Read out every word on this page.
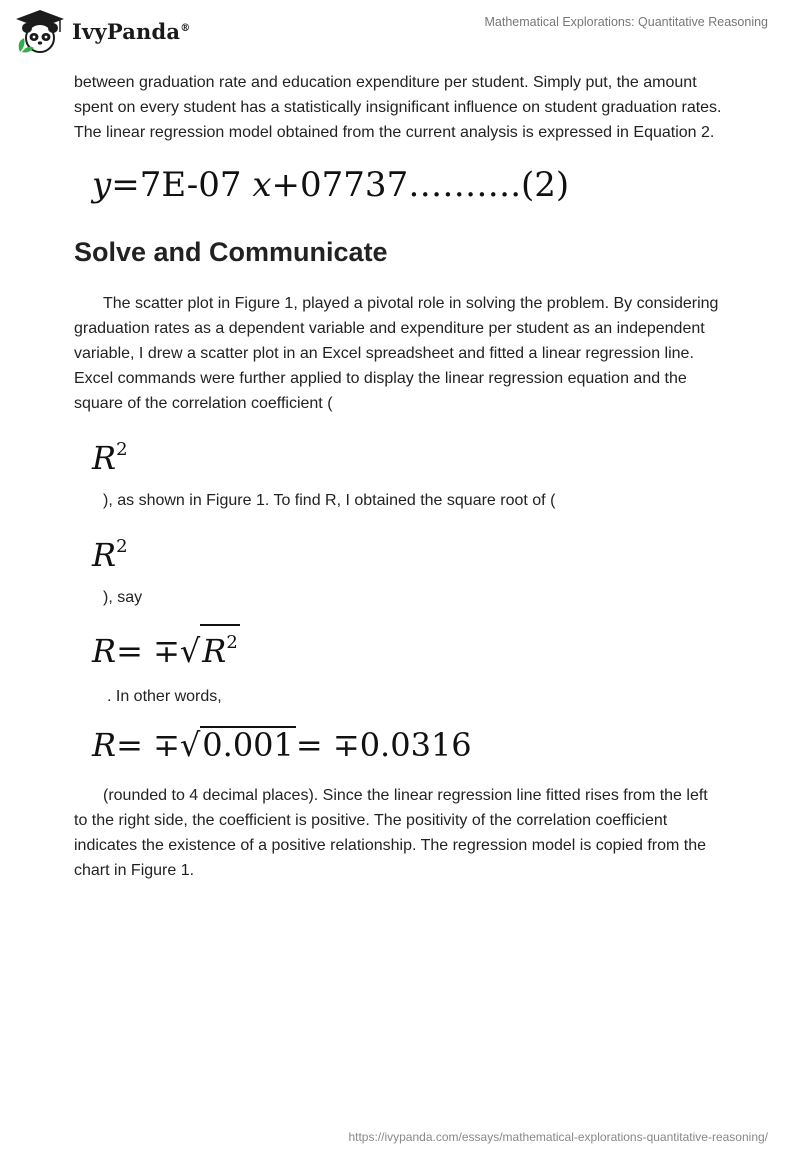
IvyPanda®	Mathematical Explorations: Quantitative Reasoning

between graduation rate and education expenditure per student. Simply put, the amount spent on every student has a statistically insignificant influence on student graduation rates. The linear regression model obtained from the current analysis is expressed in Equation 2.

y=7E-07 x+07737……….(2)
Solve and Communicate

The scatter plot in Figure 1, played a pivotal role in solving the problem. By considering graduation rates as a dependent variable and expenditure per student as an independent variable, I drew a scatter plot in an Excel spreadsheet and fitted a linear regression line. Excel commands were further applied to display the linear regression equation and the square of the correlation coefficient (

$R^2$
), as shown in Figure 1. To find R, I obtained the square root of (
$R^2$
), say
$R= \mp√R^2$
. In other words,
R= ∓√0.001= ∓0.0316

(rounded to 4 decimal places). Since the linear regression line fitted rises from the left to the right side, the coefficient is positive. The positivity of the correlation coefficient indicates the existence of a positive relationship. The regression model is copied from the chart in Figure 1.

https://ivypanda.com/essays/mathematical-explorations-quantitative-reasoning/
